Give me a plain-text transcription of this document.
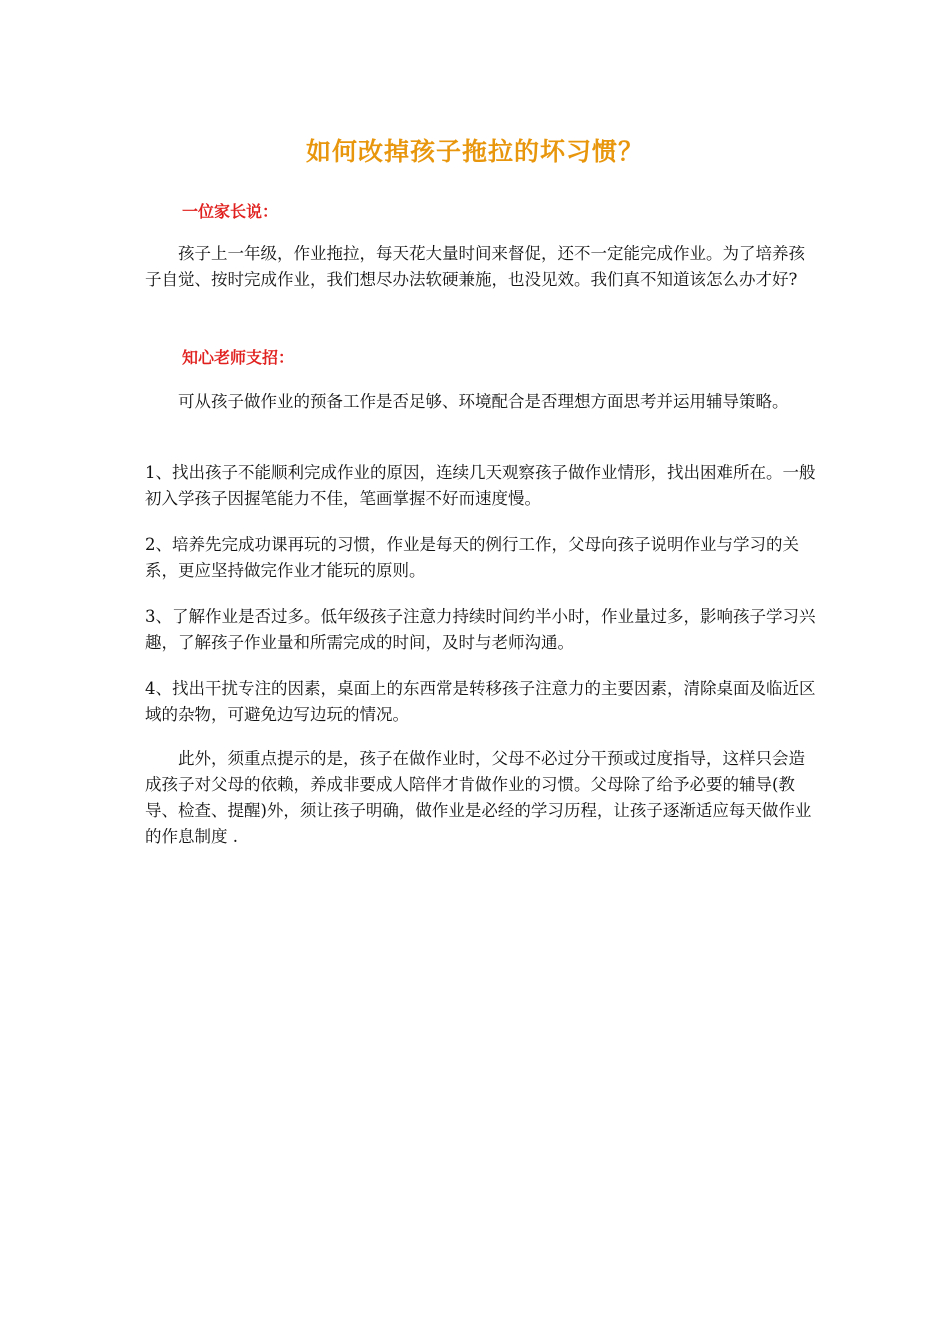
如何改掉孩子拖拉的坏习惯？
一位家长说：

孩子上一年级，作业拖拉，每天花大量时间来督促，还不一定能完成作业。为了培养孩子自觉、按时完成作业，我们想尽办法软硬兼施，也没见效。我们真不知道该怎么办才好?

知心老师支招：

可从孩子做作业的预备工作是否足够、环境配合是否理想方面思考并运用辅导策略。

1、找出孩子不能顺利完成作业的原因，连续几天观察孩子做作业情形，找出困难所在。一般初入学孩子因握笔能力不佳，笔画掌握不好而速度慢。

2、培养先完成功课再玩的习惯，作业是每天的例行工作，父母向孩子说明作业与学习的关系，更应坚持做完作业才能玩的原则。

3、了解作业是否过多。低年级孩子注意力持续时间约半小时，作业量过多，影响孩子学习兴趣，了解孩子作业量和所需完成的时间，及时与老师沟通。

4、找出干扰专注的因素，桌面上的东西常是转移孩子注意力的主要因素，清除桌面及临近区域的杂物，可避免边写边玩的情况。

此外，须重点提示的是，孩子在做作业时，父母不必过分干预或过度指导，这样只会造成孩子对父母的依赖，养成非要成人陪伴才肯做作业的习惯。父母除了给予必要的辅导(教导、检查、提醒)外，须让孩子明确，做作业是必经的学习历程，让孩子逐渐适应每天做作业的作息制度 .
